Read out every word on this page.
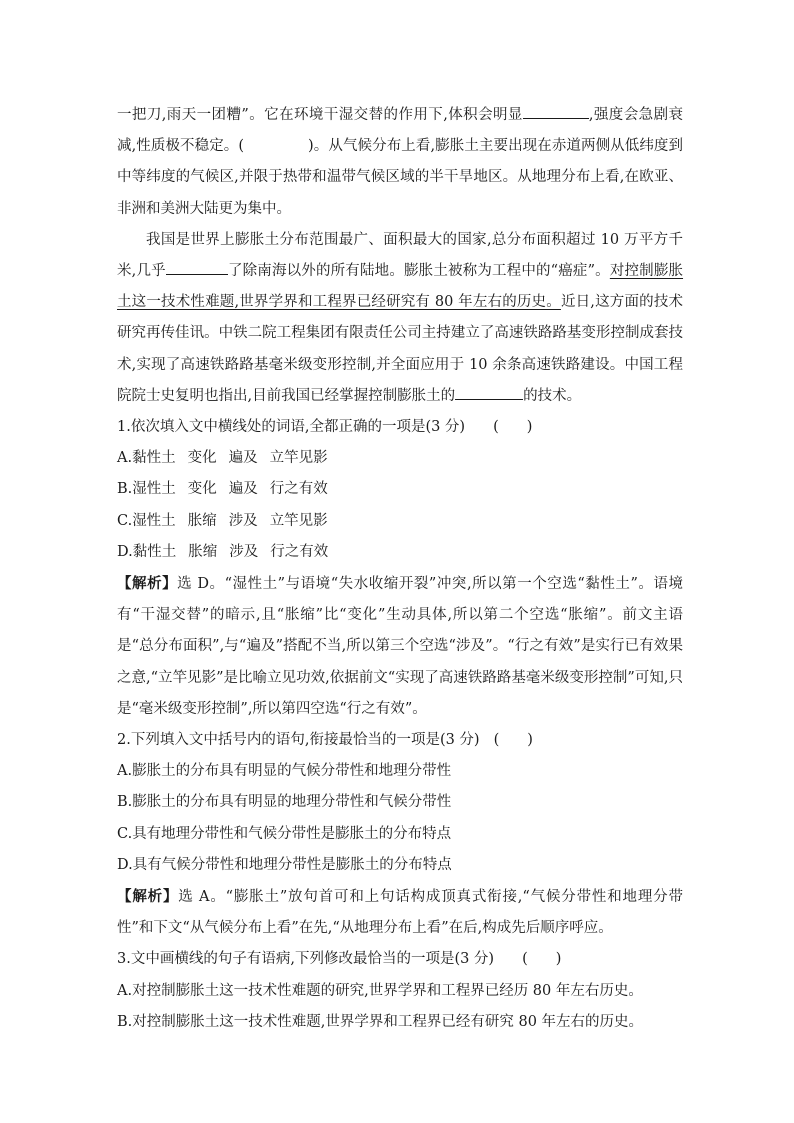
一把刀,雨天一团糟”。它在环境干湿交替的作用下,体积会明显	,强度会急剧衰减,性质极不稳定。(	)。从气候分布上看,膨胀土主要出现在赤道两侧从低纬度到中等纬度的气候区,并限于热带和温带气候区域的半干旱地区。从地理分布上看,在欧亚、非洲和美洲大陆更为集中。

我国是世界上膨胀土分布范围最广、面积最大的国家,总分布面积超过 10 万平方千米,几乎	了除南海以外的所有陆地。膨胀土被称为工程中的“癌症”。对控制膨胀土这一技术性难题,世界学界和工程界已经研究有 80 年左右的历史。近日,这方面的技术研究再传佳讯。中铁二院工程集团有限责任公司主持建立了高速铁路路基变形控制成套技术,实现了高速铁路路基毫米级变形控制,并全面应用于 10 余条高速铁路建设。中国工程院院士史复明也指出,目前我国已经掌握控制膨胀土的	的技术。

1.依次填入文中横线处的词语,全都正确的一项是(3 分) ( )

A.黏性土 变化 遍及 立竿见影

B.湿性土 变化 遍及 行之有效

C.湿性土 胀缩 涉及 立竿见影

D.黏性土 胀缩 涉及 行之有效

【解析】选 D。“湿性土”与语境“失水收缩开裂”冲突,所以第一个空选“黏性土”。语境有“干湿交替”的暗示,且“胀缩”比“变化”生动具体,所以第二个空选“胀缩”。前文主语是“总分布面积”,与“遍及”搭配不当,所以第三个空选“涉及”。“行之有效”是实行已有效果之意,“立竿见影”是比喻立见功效,依据前文“实现了高速铁路路基毫米级变形控制”可知,只是“毫米级变形控制”,所以第四空选“行之有效”。

2.下列填入文中括号内的语句,衔接最恰当的一项是(3 分) ( )

A.膨胀土的分布具有明显的气候分带性和地理分带性

B.膨胀土的分布具有明显的地理分带性和气候分带性

C.具有地理分带性和气候分带性是膨胀土的分布特点

D.具有气候分带性和地理分带性是膨胀土的分布特点

【解析】选 A。“膨胀土”放句首可和上句话构成顶真式衔接,“气候分带性和地理分带性”和下文“从气候分布上看”在先,“从地理分布上看”在后,构成先后顺序呼应。

3.文中画横线的句子有语病,下列修改最恰当的一项是(3 分) ( )

A.对控制膨胀土这一技术性难题的研究,世界学界和工程界已经历 80 年左右历史。

B.对控制膨胀土这一技术性难题,世界学界和工程界已经有研究 80 年左右的历史。
